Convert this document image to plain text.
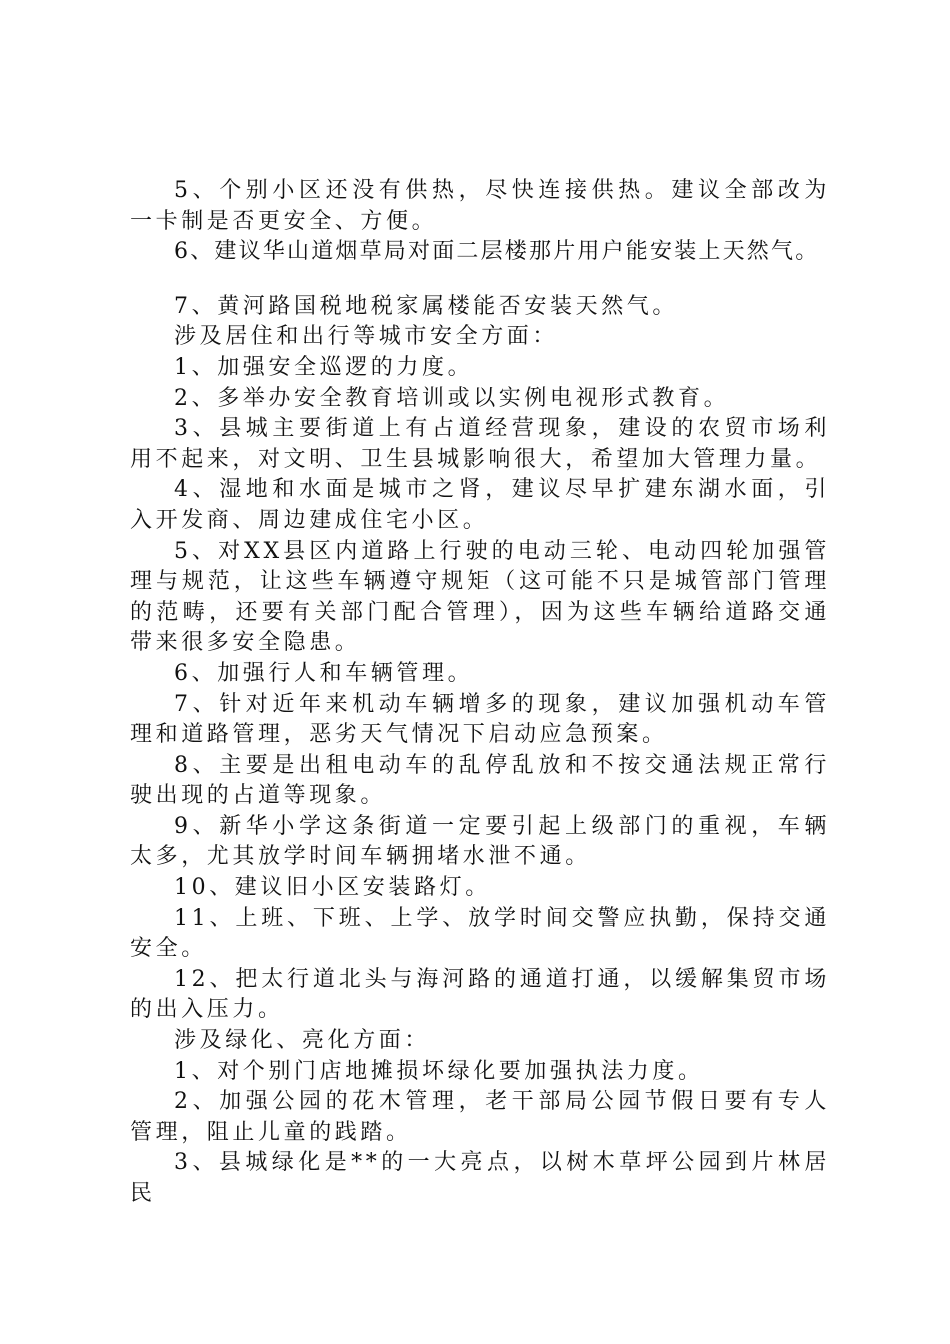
5、个别小区还没有供热，尽快连接供热。建议全部改为一卡制是否更安全、方便。

6、建议华山道烟草局对面二层楼那片用户能安装上天然气。

7、黄河路国税地税家属楼能否安装天然气。

涉及居住和出行等城市安全方面：

1、加强安全巡逻的力度。

2、多举办安全教育培训或以实例电视形式教育。

3、县城主要街道上有占道经营现象，建设的农贸市场利用不起来，对文明、卫生县城影响很大，希望加大管理力量。

4、湿地和水面是城市之肾，建议尽早扩建东湖水面，引入开发商、周边建成住宅小区。

5、对XX县区内道路上行驶的电动三轮、电动四轮加强管理与规范，让这些车辆遵守规矩（这可能不只是城管部门管理的范畴，还要有关部门配合管理），因为这些车辆给道路交通带来很多安全隐患。

6、加强行人和车辆管理。

7、针对近年来机动车辆增多的现象，建议加强机动车管理和道路管理，恶劣天气情况下启动应急预案。

8、主要是出租电动车的乱停乱放和不按交通法规正常行驶出现的占道等现象。

9、新华小学这条街道一定要引起上级部门的重视，车辆太多，尤其放学时间车辆拥堵水泄不通。

10、建议旧小区安装路灯。

11、上班、下班、上学、放学时间交警应执勤，保持交通安全。

12、把太行道北头与海河路的通道打通，以缓解集贸市场的出入压力。

涉及绿化、亮化方面：

1、对个别门店地摊损坏绿化要加强执法力度。

2、加强公园的花木管理，老干部局公园节假日要有专人管理，阻止儿童的践踏。

3、县城绿化是**的一大亮点，以树木草坪公园到片林居民
